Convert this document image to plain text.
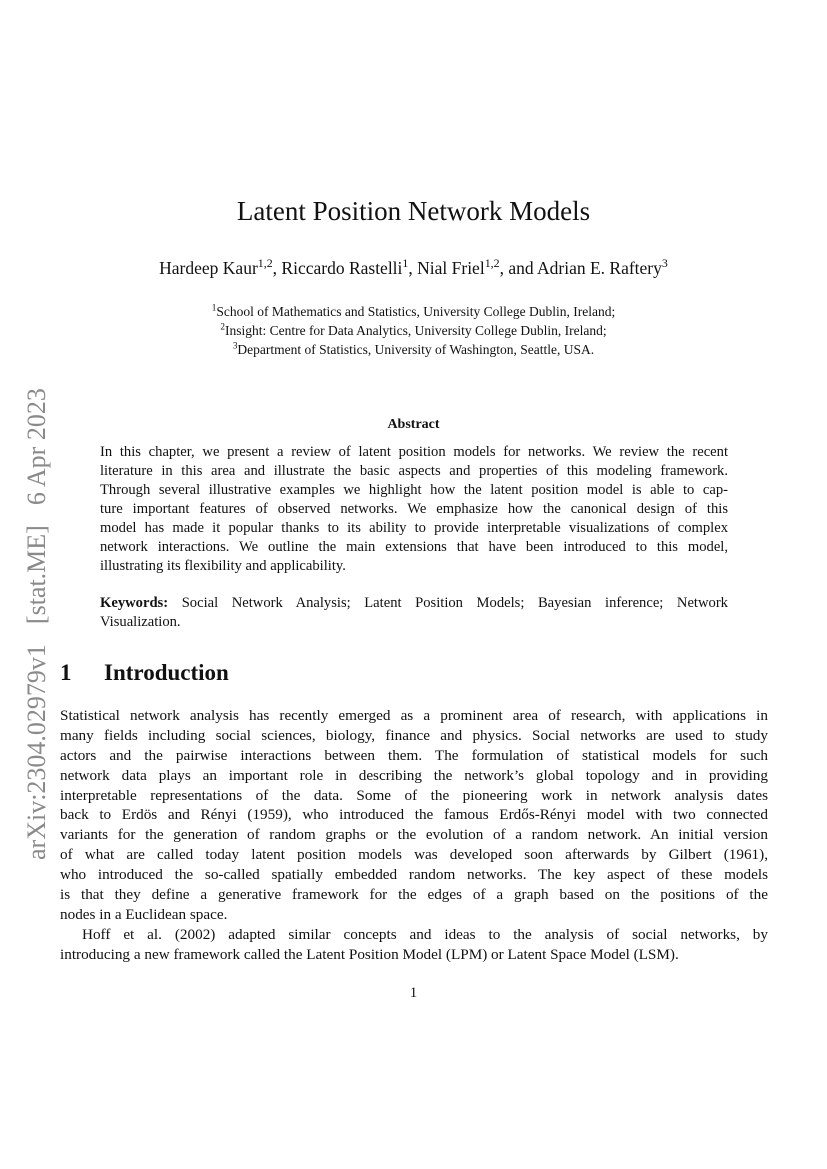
arXiv:2304.02979v1[stat.ME]6 Apr 2023
Latent Position Network Models
Hardeep Kaur$^{1,2}$, Riccardo Rastelli$^1$, Nial Friel$^{1,2}$, and Adrian E. Raftery$^3$
$^1$School of Mathematics and Statistics, University College Dublin, Ireland;
$^2$Insight: Centre for Data Analytics, University College Dublin, Ireland;
$^3$Department of Statistics, University of Washington, Seattle, USA.
Abstract
In this chapter, we present a review of latent position models for networks. We review the recent
literature in this area and illustrate the basic aspects and properties of this modeling framework.
Through several illustrative examples we highlight how the latent position model is able to cap-
ture important features of observed networks. We emphasize how the canonical design of this
model has made it popular thanks to its ability to provide interpretable visualizations of complex
network interactions. We outline the main extensions that have been introduced to this model,
illustrating its flexibility and applicability.
Keywords: Social Network Analysis; Latent Position Models; Bayesian inference; Network
Visualization.
1 Introduction
Statistical network analysis has recently emerged as a prominent area of research, with applications in
many fields including social sciences, biology, finance and physics. Social networks are used to study
actors and the pairwise interactions between them. The formulation of statistical models for such
network data plays an important role in describing the network’s global topology and in providing
interpretable representations of the data. Some of the pioneering work in network analysis dates
back to Erdös and Rényi (1959), who introduced the famous Erdős-Rényi model with two connected
variants for the generation of random graphs or the evolution of a random network. An initial version
of what are called today latent position models was developed soon afterwards by Gilbert (1961),
who introduced the so-called spatially embedded random networks. The key aspect of these models
is that they define a generative framework for the edges of a graph based on the positions of the
nodes in a Euclidean space.
Hoff et al. (2002) adapted similar concepts and ideas to the analysis of social networks, by
introducing a new framework called the Latent Position Model (LPM) or Latent Space Model (LSM).
1
